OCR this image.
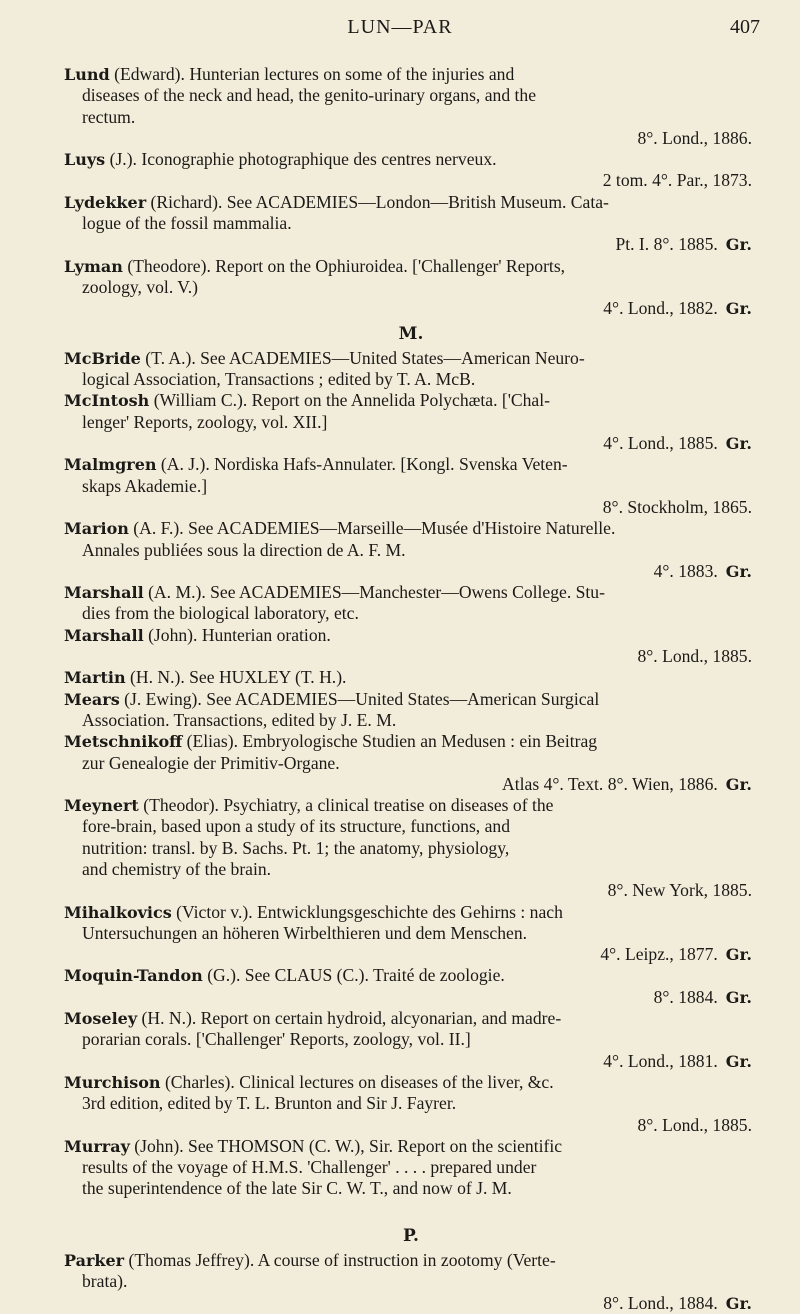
LUN—PAR	407
Lund (Edward). Hunterian lectures on some of the injuries and
diseases of the neck and head, the genito-urinary organs, and the
rectum.
8°. Lond., 1886.
Luys (J.). Iconographie photographique des centres nerveux.
2 tom. 4°. Par., 1873.
Lydekker (Richard). See ACADEMIES—London—British Museum. Cata-
logue of the fossil mammalia.
Pt. I. 8°. 1885. Gr.
Lyman (Theodore). Report on the Ophiuroidea. ['Challenger' Reports,
zoology, vol. V.)
4°. Lond., 1882. Gr.
M.
McBride (T. A.). See ACADEMIES—United States—American Neuro-
logical Association, Transactions ; edited by T. A. McB.
McIntosh (William C.). Report on the Annelida Polychæta. ['Chal-
lenger' Reports, zoology, vol. XII.]
4°. Lond., 1885. Gr.
Malmgren (A. J.). Nordiska Hafs-Annulater. [Kongl. Svenska Veten-
skaps Akademie.]
8°. Stockholm, 1865.
Marion (A. F.). See ACADEMIES—Marseille—Musée d'Histoire Naturelle.
Annales publiées sous la direction de A. F. M.
4°. 1883. Gr.
Marshall (A. M.). See ACADEMIES—Manchester—Owens College. Stu-
dies from the biological laboratory, etc.
Marshall (John). Hunterian oration.
8°. Lond., 1885.
Martin (H. N.). See HUXLEY (T. H.).
Mears (J. Ewing). See ACADEMIES—United States—American Surgical
Association. Transactions, edited by J. E. M.
Metschnikoff (Elias). Embryologische Studien an Medusen : ein Beitrag
zur Genealogie der Primitiv-Organe.
Atlas 4°. Text. 8°. Wien, 1886. Gr.
Meynert (Theodor). Psychiatry, a clinical treatise on diseases of the
fore-brain, based upon a study of its structure, functions, and
nutrition: transl. by B. Sachs. Pt. 1; the anatomy, physiology,
and chemistry of the brain.
8°. New York, 1885.
Mihalkovics (Victor v.). Entwicklungsgeschichte des Gehirns : nach
Untersuchungen an höheren Wirbelthieren und dem Menschen.
4°. Leipz., 1877. Gr.
Moquin-Tandon (G.). See CLAUS (C.). Traité de zoologie.
8°. 1884. Gr.
Moseley (H. N.). Report on certain hydroid, alcyonarian, and madre-
porarian corals. ['Challenger' Reports, zoology, vol. II.]
4°. Lond., 1881. Gr.
Murchison (Charles). Clinical lectures on diseases of the liver, &c.
3rd edition, edited by T. L. Brunton and Sir J. Fayrer.
8°. Lond., 1885.
Murray (John). See THOMSON (C. W.), Sir. Report on the scientific
results of the voyage of H.M.S. 'Challenger' . . . . prepared under
the superintendence of the late Sir C. W. T., and now of J. M.
P.
Parker (Thomas Jeffrey). A course of instruction in zootomy (Verte-
brata).
8°. Lond., 1884. Gr.
